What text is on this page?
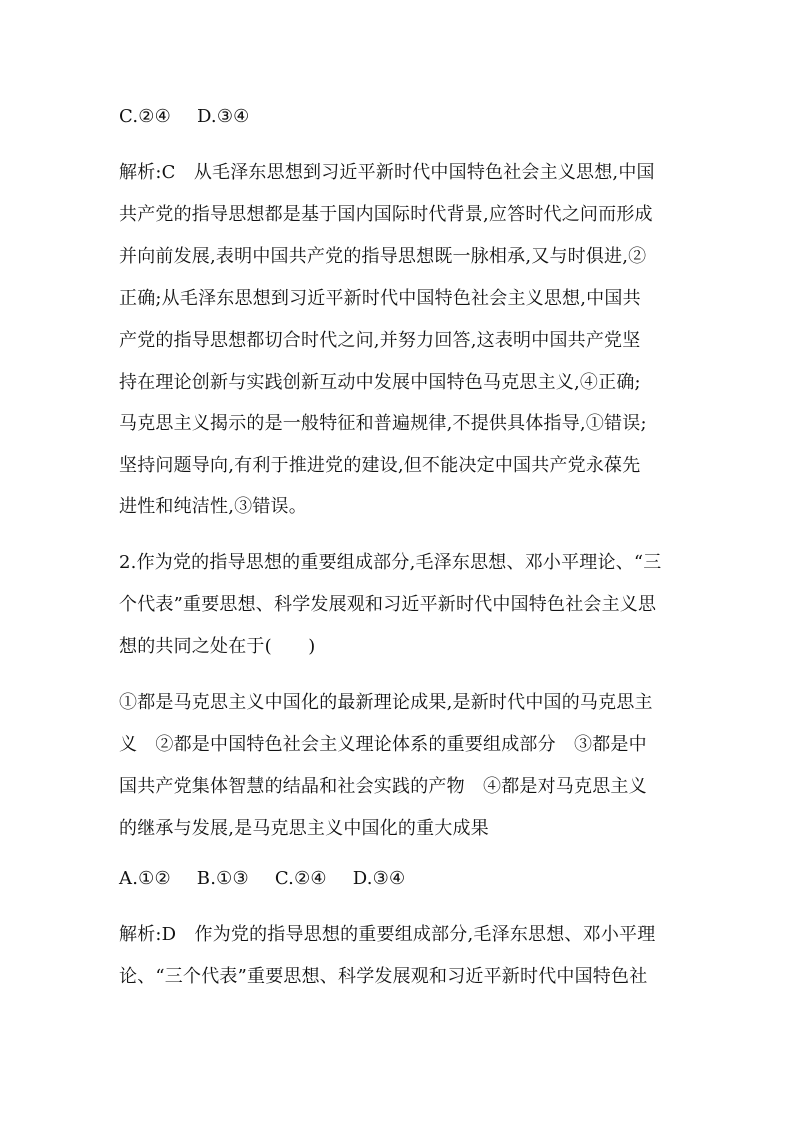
C.②④ D.③④
解析:C　从毛泽东思想到习近平新时代中国特色社会主义思想,中国
共产党的指导思想都是基于国内国际时代背景,应答时代之问而形成
并向前发展,表明中国共产党的指导思想既一脉相承,又与时俱进,②
正确;从毛泽东思想到习近平新时代中国特色社会主义思想,中国共
产党的指导思想都切合时代之问,并努力回答,这表明中国共产党坚
持在理论创新与实践创新互动中发展中国特色马克思主义,④正确;
马克思主义揭示的是一般特征和普遍规律,不提供具体指导,①错误;
坚持问题导向,有利于推进党的建设,但不能决定中国共产党永葆先
进性和纯洁性,③错误。
2.作为党的指导思想的重要组成部分,毛泽东思想、邓小平理论、“三
个代表”重要思想、科学发展观和习近平新时代中国特色社会主义思
想的共同之处在于(　　)
①都是马克思主义中国化的最新理论成果,是新时代中国的马克思主
义　②都是中国特色社会主义理论体系的重要组成部分　③都是中
国共产党集体智慧的结晶和社会实践的产物　④都是对马克思主义
的继承与发展,是马克思主义中国化的重大成果
A.①② B.①③ C.②④ D.③④
解析:D　作为党的指导思想的重要组成部分,毛泽东思想、邓小平理
论、“三个代表”重要思想、科学发展观和习近平新时代中国特色社
